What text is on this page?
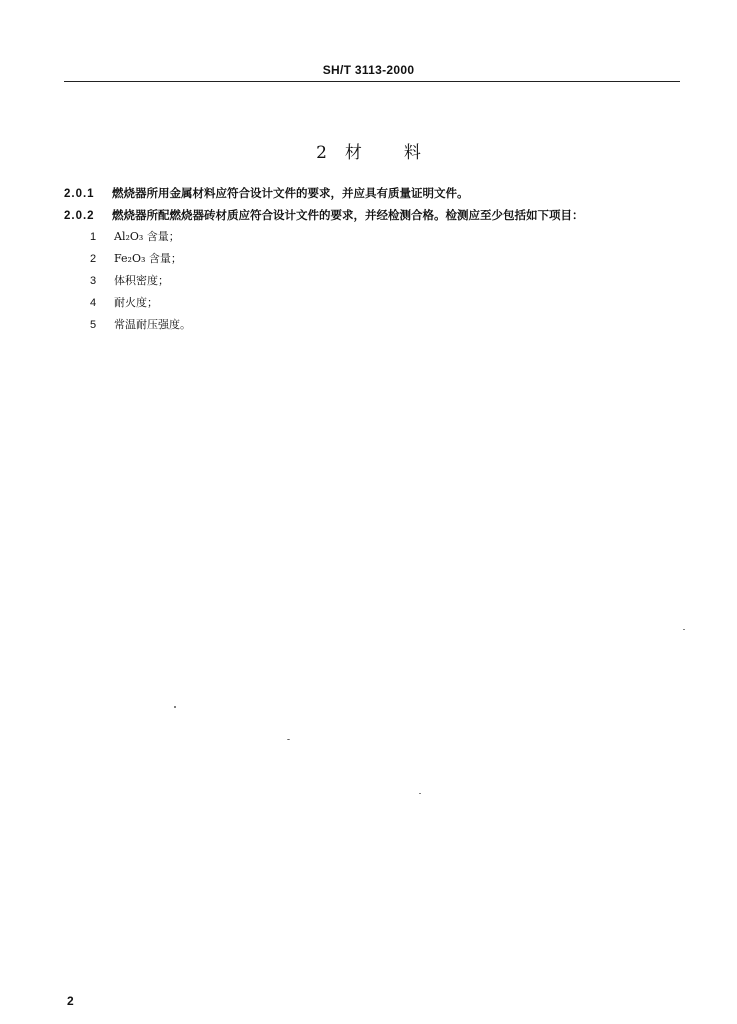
SH/T 3113-2000
2 材 料
2.0.1 燃烧器所用金属材料应符合设计文件的要求，并应具有质量证明文件。
2.0.2 燃烧器所配燃烧器砖材质应符合设计文件的要求，并经检测合格。检测应至少包括如下项目：
1 Al₂O₃ 含量；
2 Fe₂O₃ 含量；
3 体积密度；
4 耐火度；
5 常温耐压强度。
2
